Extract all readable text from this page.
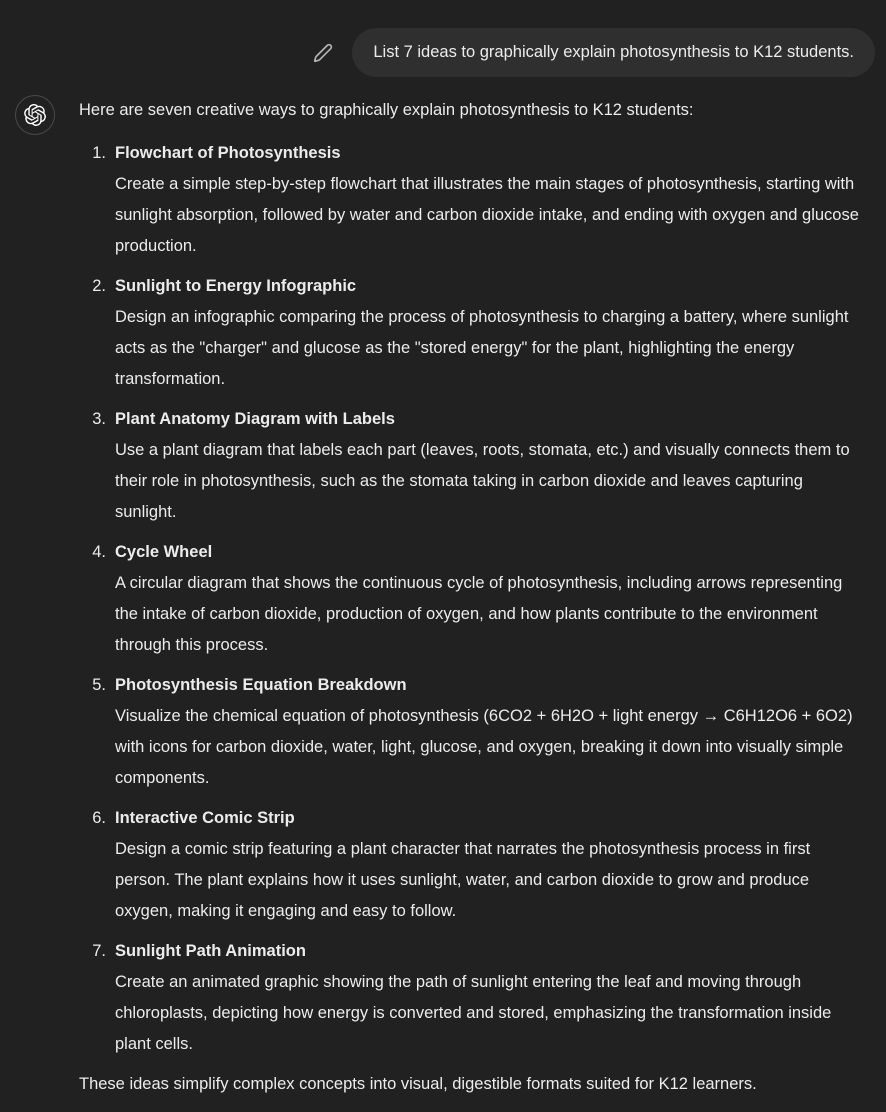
List 7 ideas to graphically explain photosynthesis to K12 students.

Here are seven creative ways to graphically explain photosynthesis to K12 students:

Flowchart of Photosynthesis
Create a simple step-by-step flowchart that illustrates the main stages of photosynthesis, starting with sunlight absorption, followed by water and carbon dioxide intake, and ending with oxygen and glucose production.
Sunlight to Energy Infographic
Design an infographic comparing the process of photosynthesis to charging a battery, where sunlight acts as the "charger" and glucose as the "stored energy" for the plant, highlighting the energy transformation.
Plant Anatomy Diagram with Labels
Use a plant diagram that labels each part (leaves, roots, stomata, etc.) and visually connects them to their role in photosynthesis, such as the stomata taking in carbon dioxide and leaves capturing sunlight.
Cycle Wheel
A circular diagram that shows the continuous cycle of photosynthesis, including arrows representing the intake of carbon dioxide, production of oxygen, and how plants contribute to the environment through this process.
Photosynthesis Equation Breakdown
Visualize the chemical equation of photosynthesis (6CO2 + 6H2O + light energy → C6H12O6 + 6O2) with icons for carbon dioxide, water, light, glucose, and oxygen, breaking it down into visually simple components.
Interactive Comic Strip
Design a comic strip featuring a plant character that narrates the photosynthesis process in first person. The plant explains how it uses sunlight, water, and carbon dioxide to grow and produce oxygen, making it engaging and easy to follow.
Sunlight Path Animation
Create an animated graphic showing the path of sunlight entering the leaf and moving through chloroplasts, depicting how energy is converted and stored, emphasizing the transformation inside plant cells.

These ideas simplify complex concepts into visual, digestible formats suited for K12 learners.
